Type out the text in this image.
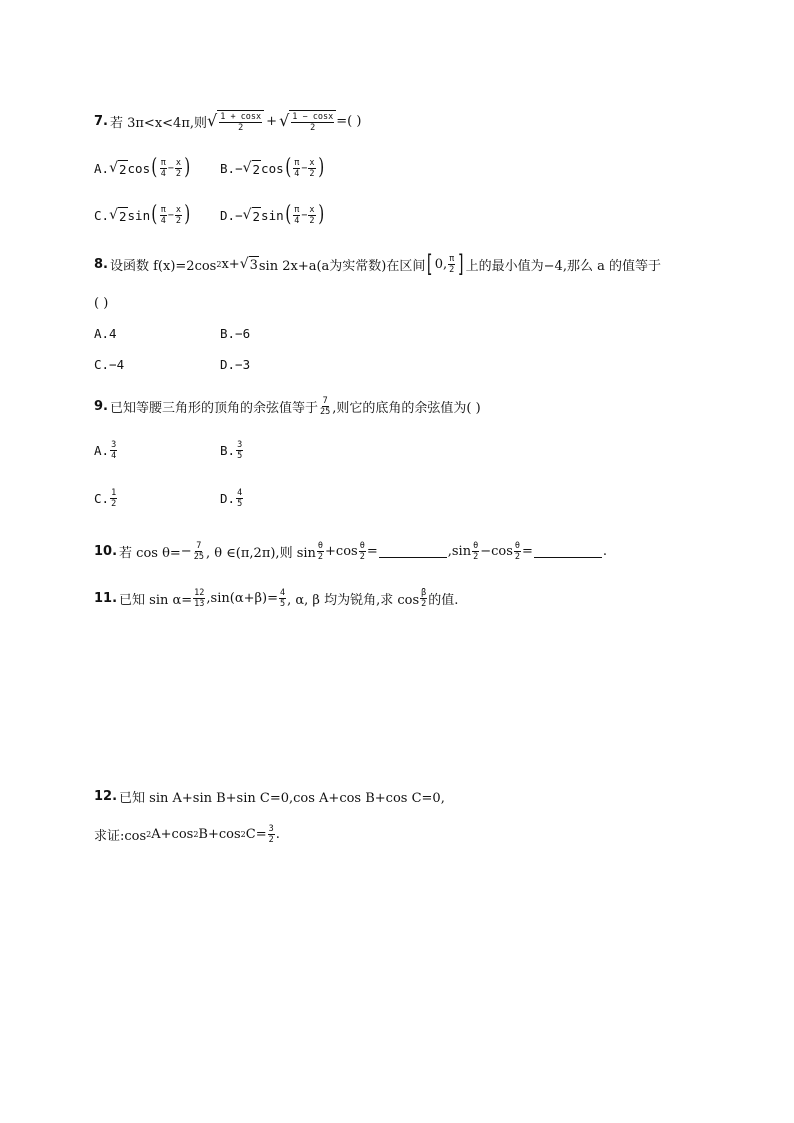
7. 若 3π<x<4π,则 √ 1 + cosx
2 + √ 1 − cosx
2 =( )
A. √ 2 cos ( π
$4 - \frac{x}{2}$ ) B. − √ 2 cos ( π
$4 - \frac{x}{2}$ )
C. √ 2 sin ( π
$4 - \frac{x}{2}$ ) D. − √ 2 sin ( π
$4 - \frac{x}{2}$ )
8. 设函数 f(x)=2cos 2 x+ √ 3 sin 2x+a(a为实常数)在区间 [ 0, π
2 ] 上的最小值为−4,那么 a 的值等于
( )
A.4	B.−6
C.−4	D.−3
9. 已知等腰三角形的顶角的余弦值等于 7
25 ,则它的底角的余弦值为( )
A. 3
4	B. 3
5
C. 1
2	D. 4
5
10. 若 $\cos \theta= - \frac{7}{25}$ , θ ∈(π,2π),则 sin θ
$2 +\cos \frac{\theta}{2}$ =	,sin θ
$2 -\cos \frac{\theta}{2}$ =	.
11. 已知 $\sin \alpha= \frac{12}{13} ,\sin(\alpha+\beta)= \frac{4}{5}$ , α, β 均为锐角,求 cos β
2 的值.
12. 已知 sin A+sin B+sin C=0,cos A+cos B+cos C=0,
求证:cos 2 A+cos 2 B+cos 2 $C= \frac{3}{2}$ .
